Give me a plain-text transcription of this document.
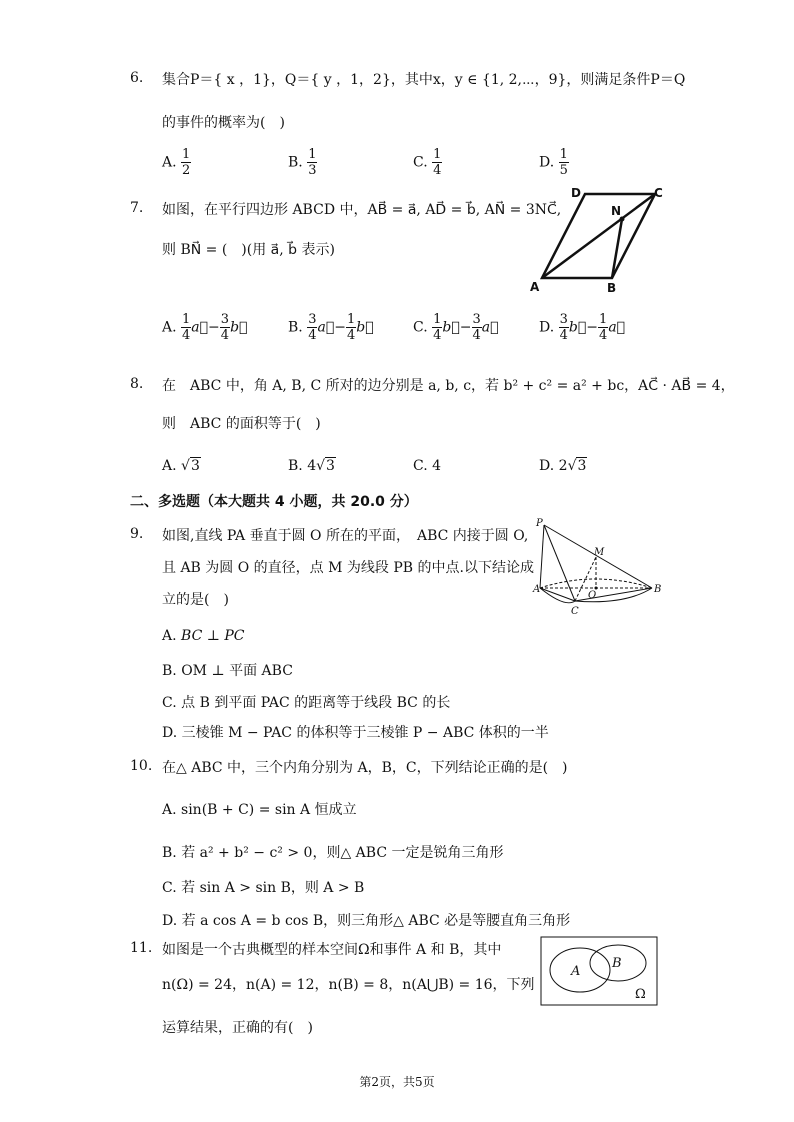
6. 集合P＝{ x ，1}，Q＝{ y ，1，2}，其中x，y ∈ {1, 2,⋯，9}，则满足条件P＝Q
的事件的概率为(　)
A. $\frac{1}{2}$	B. $\frac{1}{3}$	C. $\frac{1}{4}$	D. $\frac{1}{5}$
7. 如图，在平行四边形 ABCD 中，AB⃗ = a⃗, AD⃗ = b⃗, AN⃗ = 3NC⃗,
则 BN⃗ = (　)(用 a⃗, b⃗ 表示)
A	B
C
D
N
A. $\frac{1}{4}$ a⃗− $\frac{3}{4}$ b⃗	B. $\frac{3}{4}$ a⃗− $\frac{1}{4}$ b⃗	C. $\frac{1}{4}$ b⃗− $\frac{3}{4}$ a⃗	D. $\frac{3}{4}$ b⃗− $\frac{1}{4}$ a⃗
8. 在　ABC 中，角 A, B, C 所对的边分别是 a, b, c，若 b² + c² = a² + bc，AC⃗ · AB⃗ = 4，
则　ABC 的面积等于(　)
A. √3	B. 4√3	C. 4	D. 2√3
二、多选题（本大题共 4 小题，共 20.0 分）
9. 如图,直线 PA 垂直于圆 O 所在的平面，　ABC 内接于圆 O,
且 AB 为圆 O 的直径，点 M 为线段 PB 的中点.以下结论成
立的是(　)
P
M
A
O
B
C
A. BC ⊥ PC
B. OM ⊥ 平面 ABC
C. 点 B 到平面 PAC 的距离等于线段 BC 的长
D. 三棱锥 M − PAC 的体积等于三棱锥 P − ABC 体积的一半
10. 在△ ABC 中，三个内角分别为 A，B，C，下列结论正确的是(　)
A. sin(B + C) = sin A 恒成立
B. 若 a² + b² − c² > 0，则△ ABC 一定是锐角三角形
C. 若 sin A > sin B，则 A > B
D. 若 a cos A = b cos B，则三角形△ ABC 必是等腰直角三角形
11. 如图是一个古典概型的样本空间Ω和事件 A 和 B，其中
n(Ω) = 24，n(A) = 12，n(B) = 8，n(A⋃B) = 16，下列
运算结果，正确的有(　)
A
B
Ω
第2页，共5页
